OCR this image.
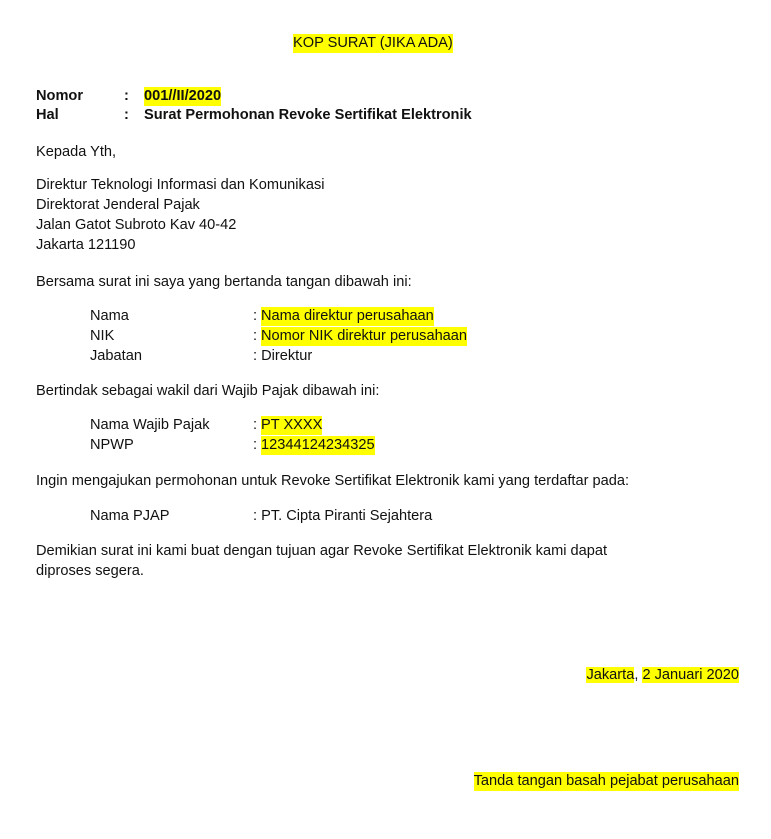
KOP SURAT (JIKA ADA)
Nomor	: 001//II/2020
Hal	: Surat Permohonan Revoke Sertifikat Elektronik
Kepada Yth,
Direktur Teknologi Informasi dan Komunikasi
Direktorat Jenderal Pajak
Jalan Gatot Subroto Kav 40-42
Jakarta 121190
Bersama surat ini saya yang bertanda tangan dibawah ini:
Nama	: Nama direktur perusahaan
NIK	: Nomor NIK direktur perusahaan
Jabatan	: Direktur
Bertindak sebagai wakil dari Wajib Pajak dibawah ini:
Nama Wajib Pajak	: PT XXXX
NPWP	: 12344124234325
Ingin mengajukan permohonan untuk Revoke Sertifikat Elektronik kami yang terdaftar pada:
Nama PJAP	: PT. Cipta Piranti Sejahtera
Demikian surat ini kami buat dengan tujuan agar Revoke Sertifikat Elektronik kami dapat
diproses segera.
Jakarta, 2 Januari 2020
Tanda tangan basah pejabat perusahaan
